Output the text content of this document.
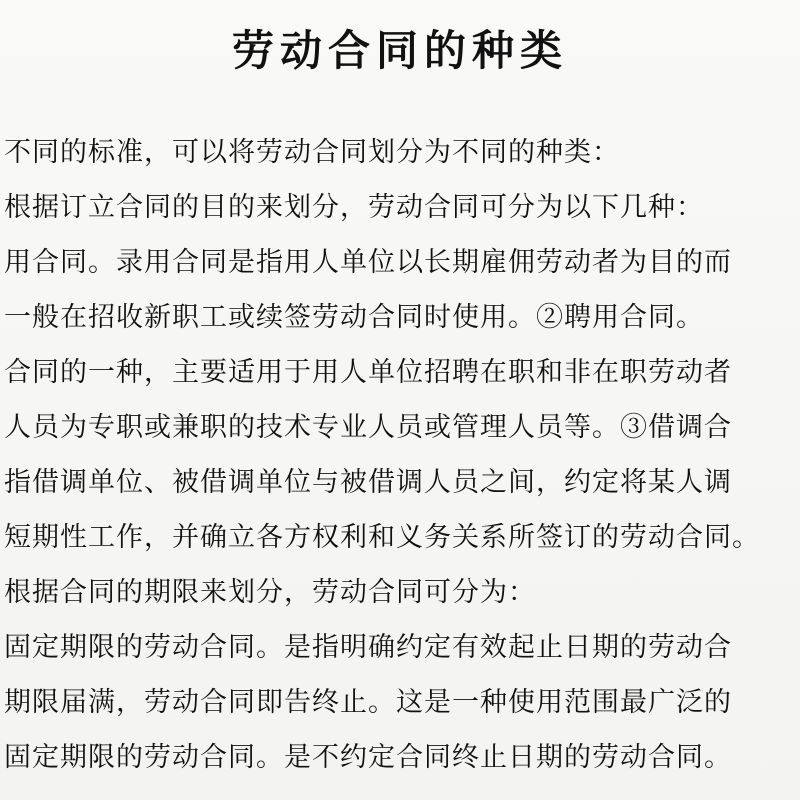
劳动合同的种类
不同的标准，可以将劳动合同划分为不同的种类：
根据订立合同的目的来划分，劳动合同可分为以下几种：
用合同。录用合同是指用人单位以长期雇佣劳动者为目的而
一般在招收新职工或续签劳动合同时使用。②聘用合同。
合同的一种，主要适用于用人单位招聘在职和非在职劳动者
人员为专职或兼职的技术专业人员或管理人员等。③借调合
指借调单位、被借调单位与被借调人员之间，约定将某人调
短期性工作，并确立各方权利和义务关系所签订的劳动合同。
根据合同的期限来划分，劳动合同可分为：
固定期限的劳动合同。是指明确约定有效起止日期的劳动合
期限届满，劳动合同即告终止。这是一种使用范围最广泛的
固定期限的劳动合同。是不约定合同终止日期的劳动合同。
